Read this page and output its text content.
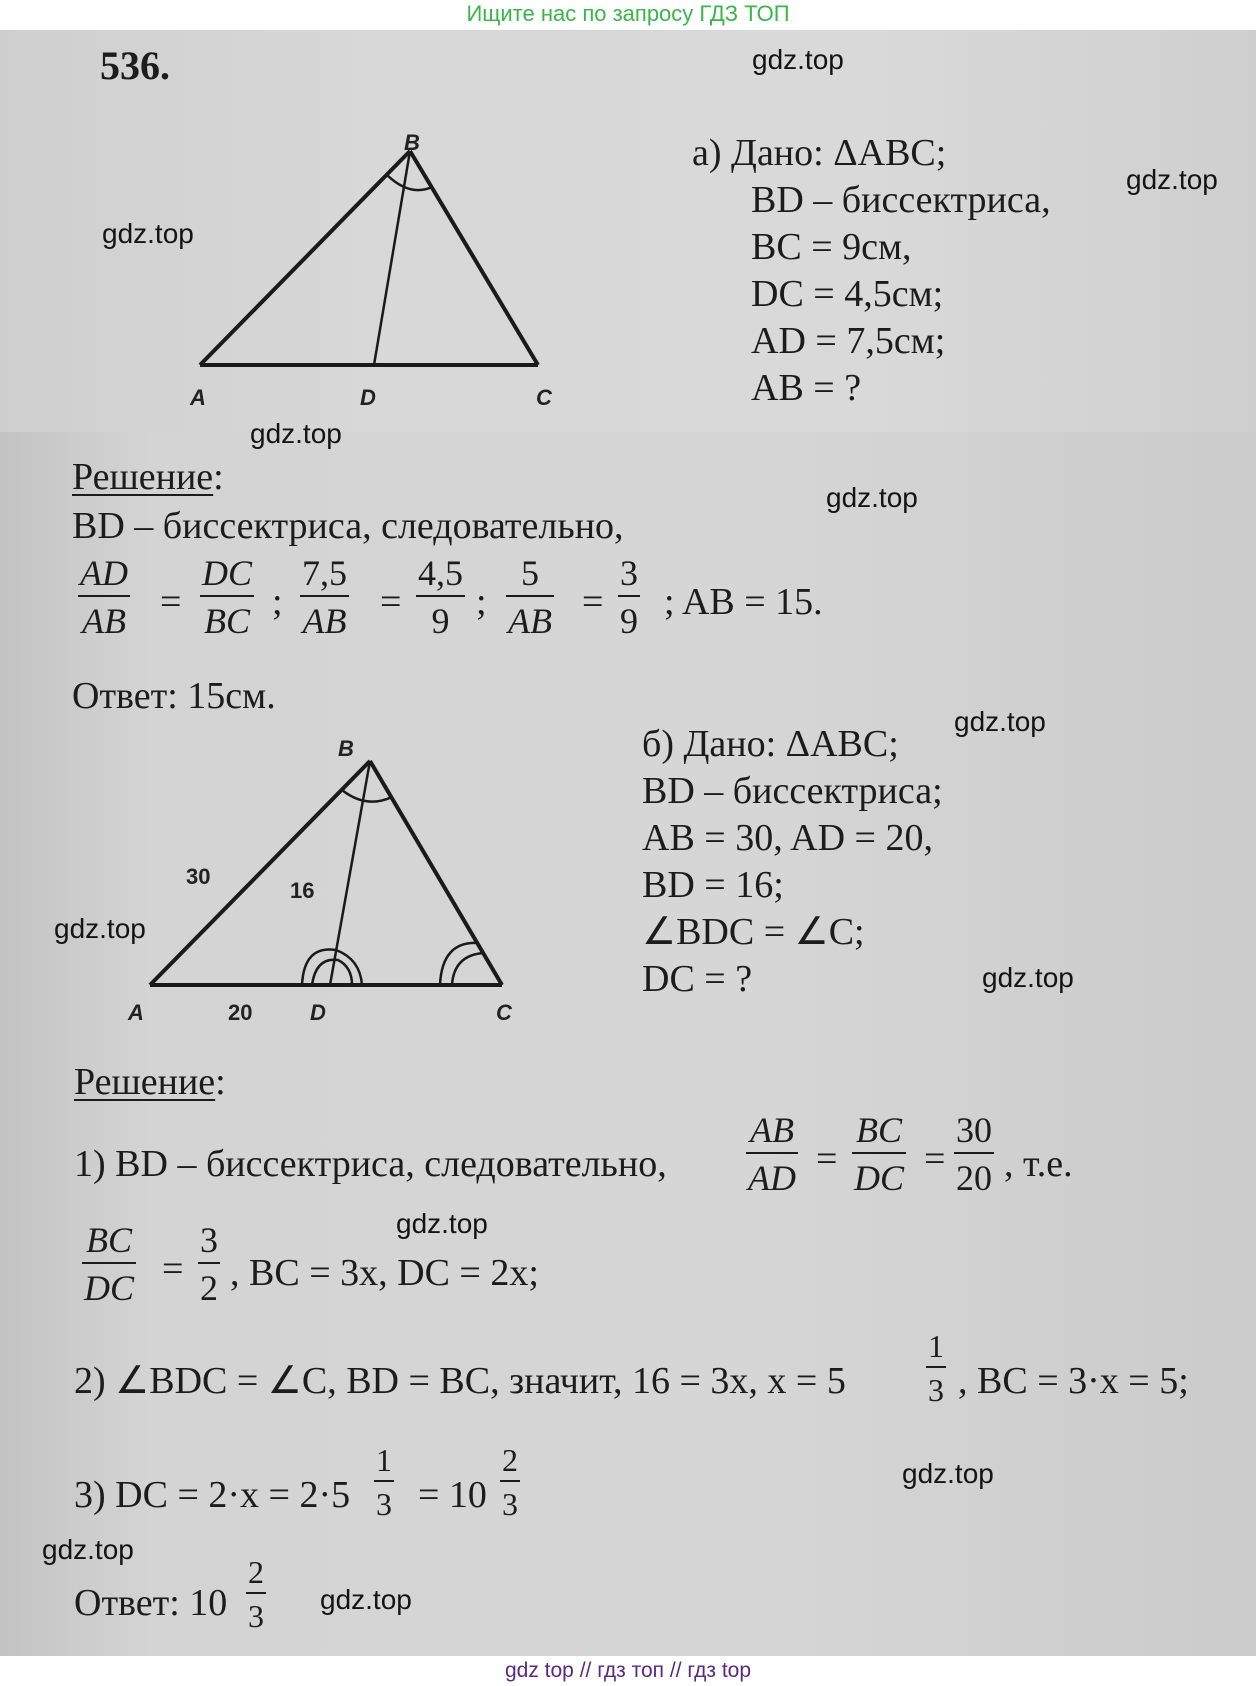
Ищите нас по запросу ГДЗ ТОП
536.
B
A	D	C
а) Дано: ΔABC;
BD – биссектриса,
BC = 9см,
DC = 4,5см;
AD = 7,5см;
AB = ?
Решение:
BD – биссектриса, следовательно,
$\frac{AD}{AB} = \frac{DC}{BC}$ ; $\frac{7,5}{AB} = \frac{4,5}{9}$ ; $\frac{5}{AB} = \frac{3}{9}$ ; AB = 15.
Ответ: 15см.
B
A	D	C
30
16
20
б) Дано: ΔABC;
BD – биссектриса;
AB = 30, AD = 20,
BD = 16;
∠BDC = ∠C;
DC = ?
Решение:
1) BD – биссектриса, следовательно, $\frac{AB}{AD} = \frac{BC}{DC} = \frac{30}{20}$ , т.е.
$\frac{BC}{DC} = \frac{3}{2}$ , BC = 3x, DC = 2x;
2) ∠BDC = ∠C, BD = BC, значит, 16 = 3x, x = 5	$\frac{1}{3}$ , BC = 3·x = 5;
3) DC = $2\cdot x = 2\cdot 5 \frac{1}{3} = 10 \frac{2}{3}$
Ответ: $10 \frac{2}{3}$
gdz.top
gdz.top
gdz.top
gdz.top
gdz.top
gdz.top
gdz.top
gdz.top
gdz.top
gdz.top
gdz.top
gdz.top
gdz top // гдз топ // гдз top
